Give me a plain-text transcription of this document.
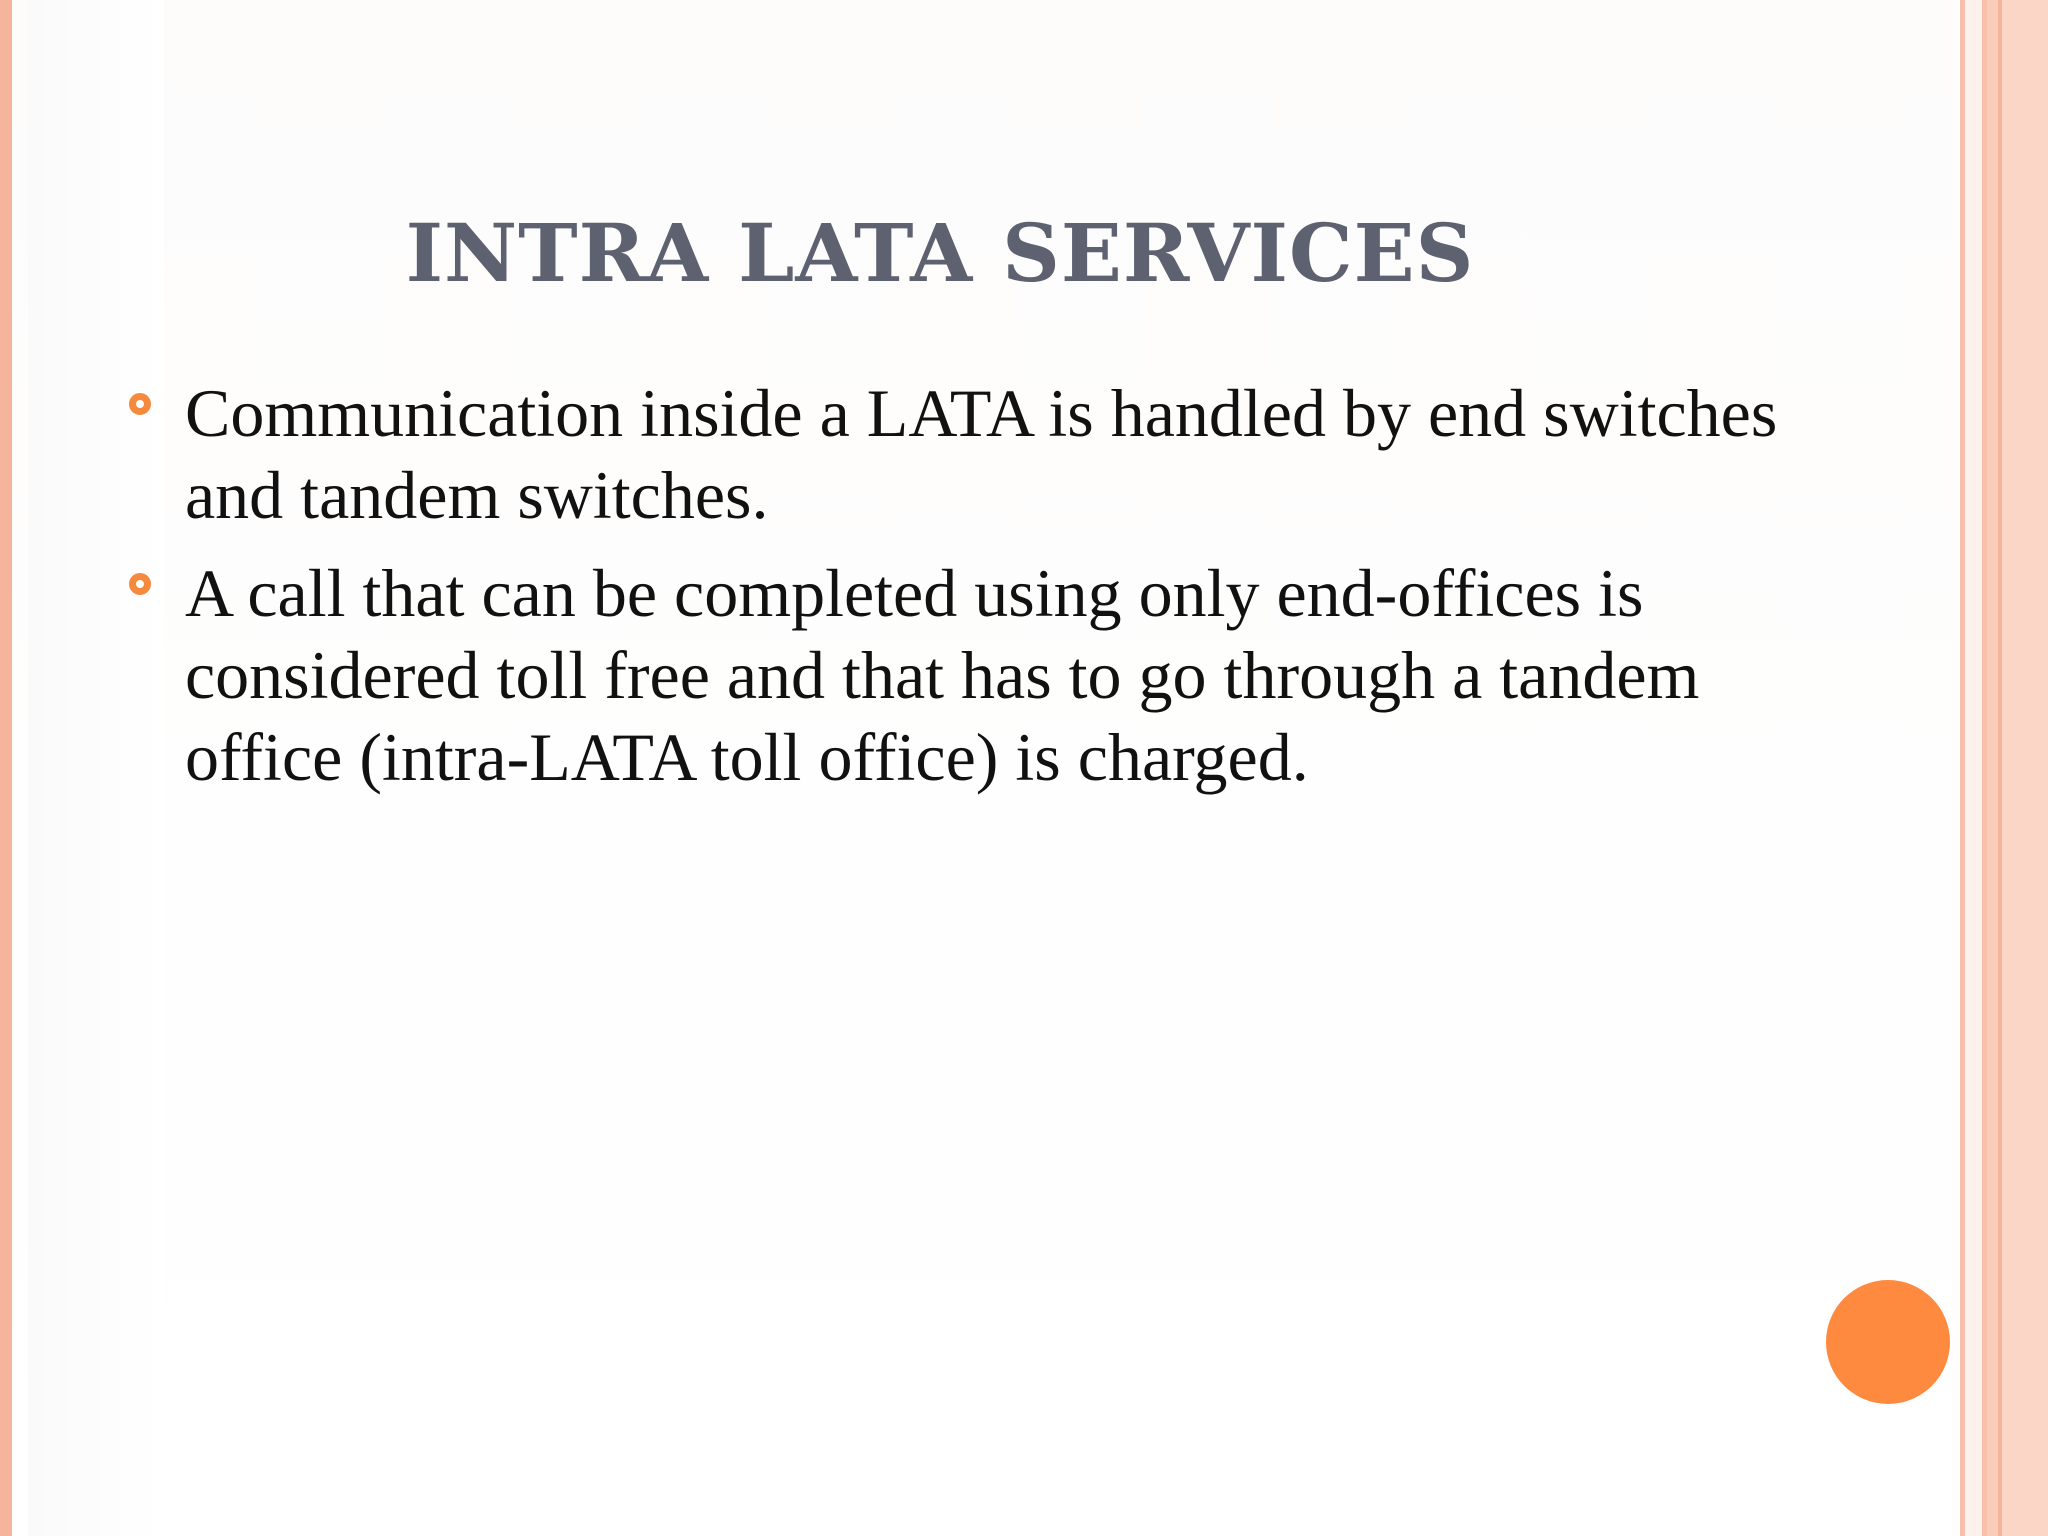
INTRA LATA SERVICES
Communication inside a LATA is handled by end switches and tandem switches.
A call that can be completed using only end-offices is considered toll free and that has to go through a tandem office (intra-LATA toll office) is charged.
